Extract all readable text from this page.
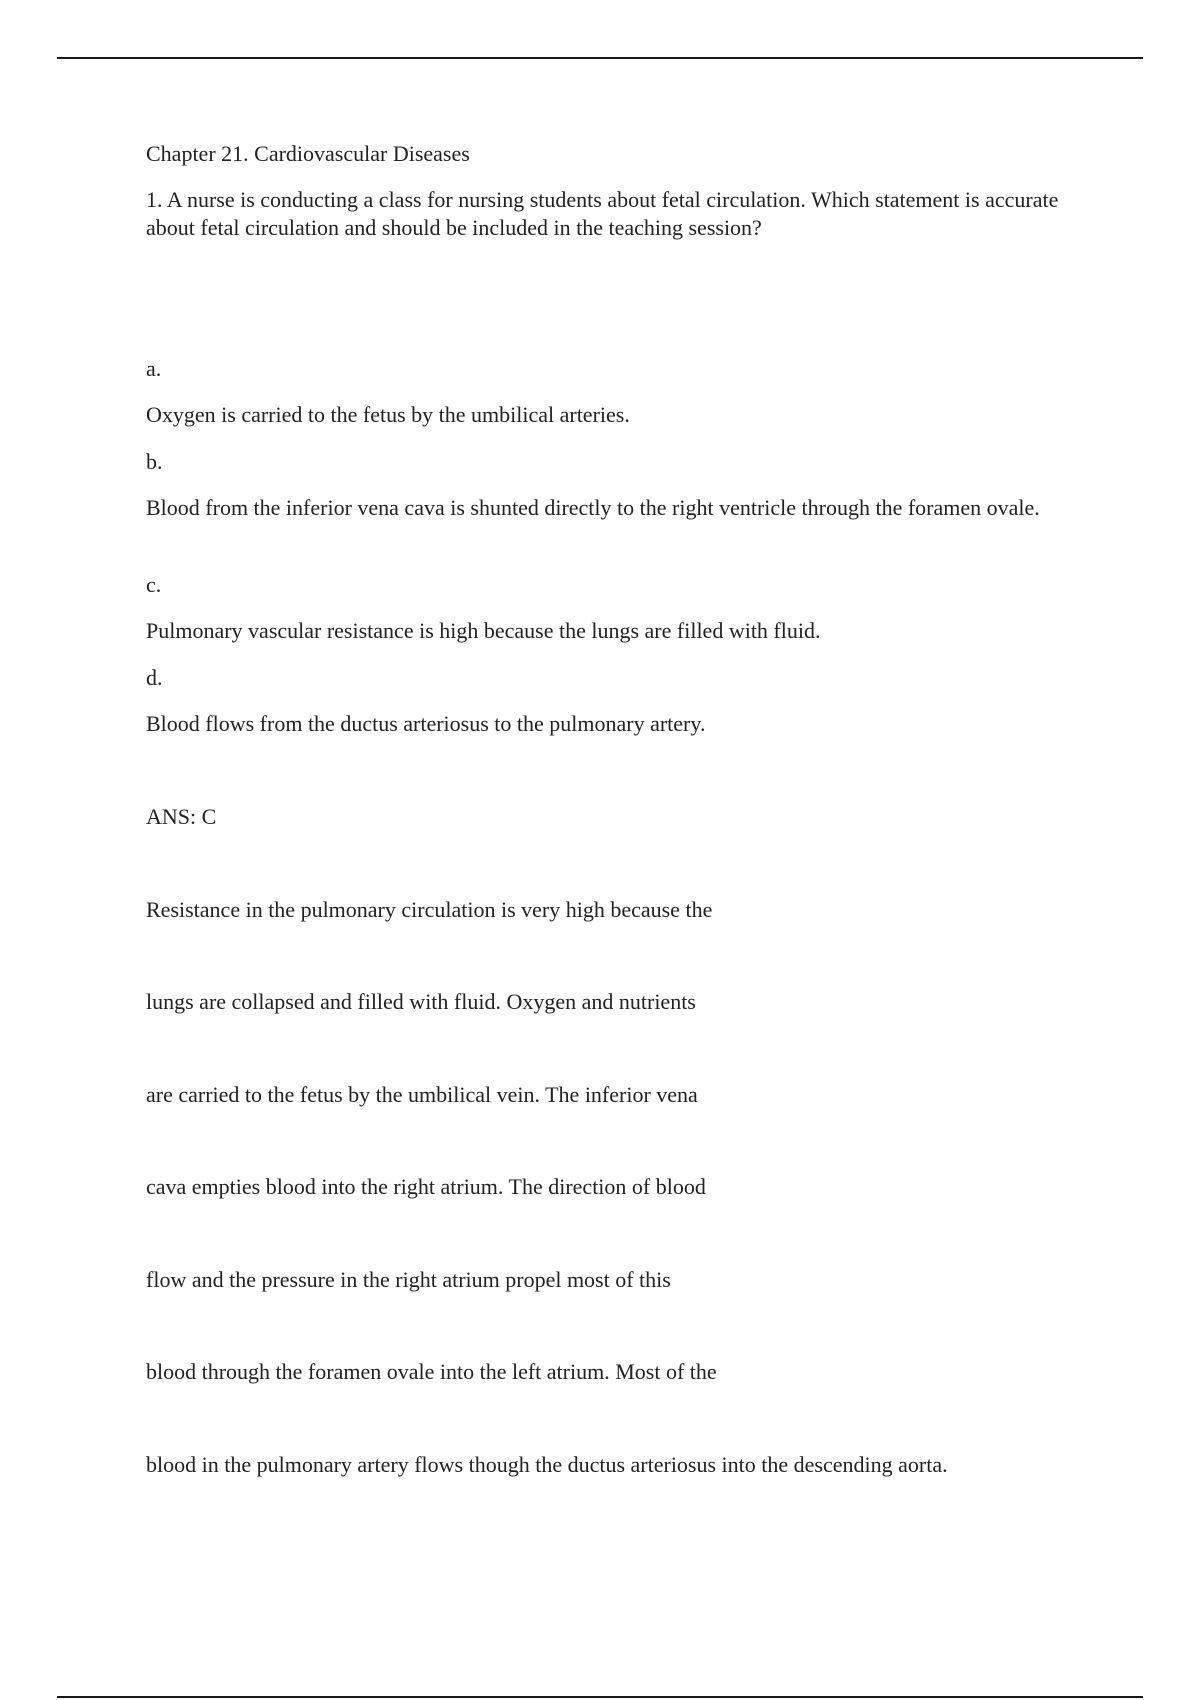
Chapter 21. Cardiovascular Diseases
1. A nurse is conducting a class for nursing students about fetal circulation. Which statement is accurate about fetal circulation and should be included in the teaching session?
a.
Oxygen is carried to the fetus by the umbilical arteries.
b.
Blood from the inferior vena cava is shunted directly to the right ventricle through the foramen ovale.
c.
Pulmonary vascular resistance is high because the lungs are filled with fluid.
d.
Blood flows from the ductus arteriosus to the pulmonary artery.
ANS: C
Resistance in the pulmonary circulation is very high because the
lungs are collapsed and filled with fluid. Oxygen and nutrients
are carried to the fetus by the umbilical vein. The inferior vena
cava empties blood into the right atrium. The direction of blood
flow and the pressure in the right atrium propel most of this
blood through the foramen ovale into the left atrium. Most of the
blood in the pulmonary artery flows though the ductus arteriosus into the descending aorta.
